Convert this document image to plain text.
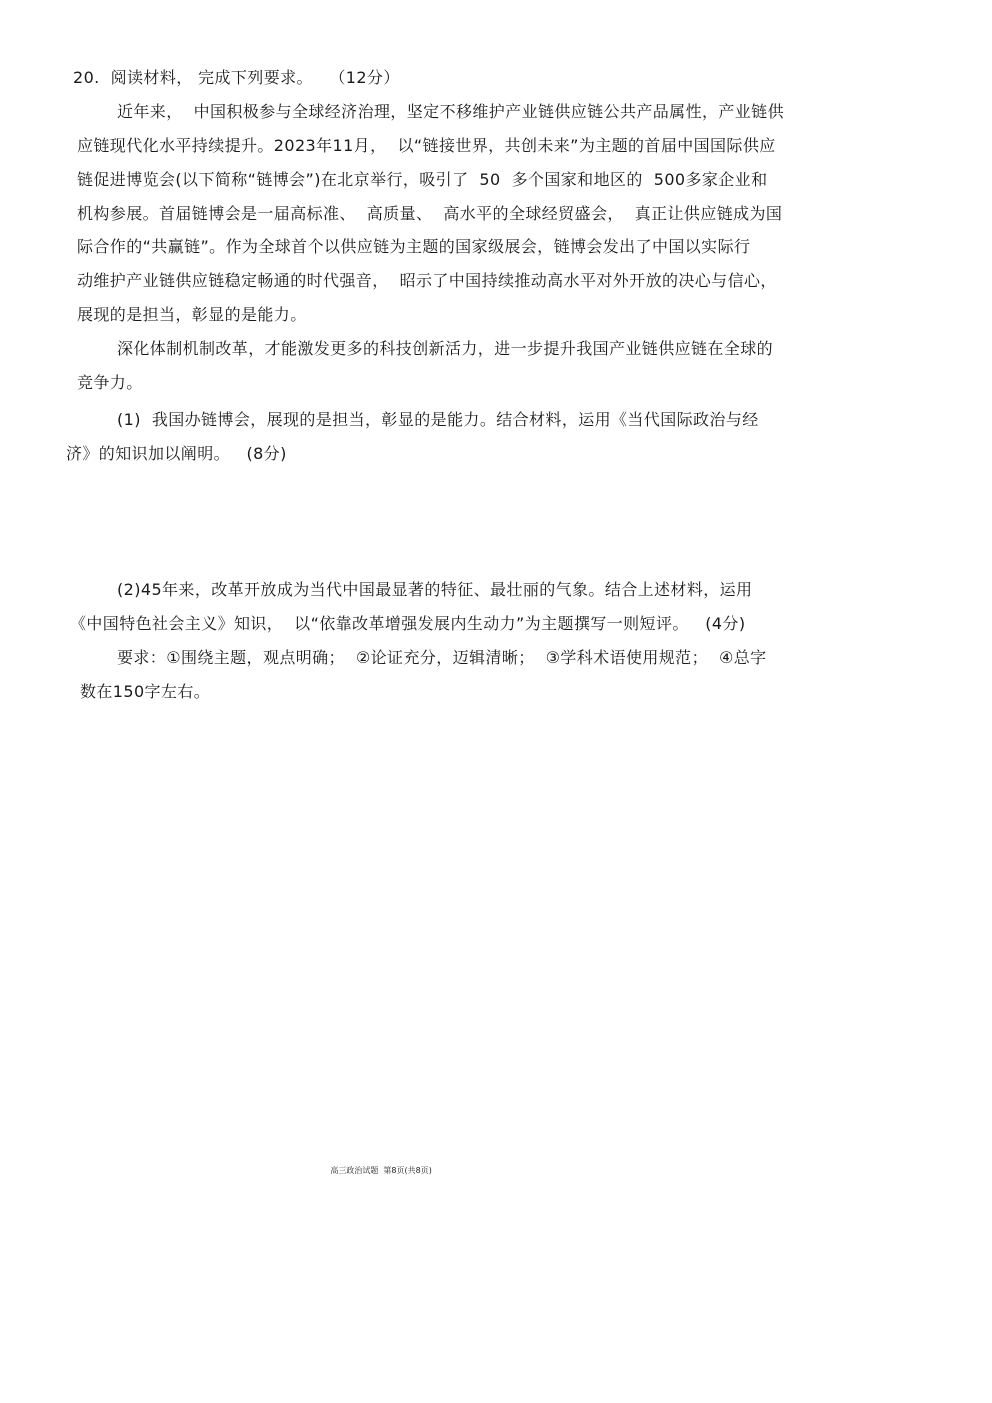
20.  阅读材料， 完成下列要求。   （12分）
近年来，  中国积极参与全球经济治理，坚定不移维护产业链供应链公共产品属性，产业链供
应链现代化水平持续提升。2023年11月，  以“链接世界，共创未来”为主题的首届中国国际供应
链促进博览会(以下简称“链博会”)在北京举行，吸引了  50  多个国家和地区的  500多家企业和
机构参展。首届链博会是一届高标准、  高质量、  高水平的全球经贸盛会，  真正让供应链成为国
际合作的“共赢链”。作为全球首个以供应链为主题的国家级展会，链博会发出了中国以实际行
动维护产业链供应链稳定畅通的时代强音，  昭示了中国持续推动高水平对外开放的决心与信心，
展现的是担当，彰显的是能力。
深化体制机制改革，才能激发更多的科技创新活力，进一步提升我国产业链供应链在全球的
竞争力。
(1)  我国办链博会，展现的是担当，彰显的是能力。结合材料，运用《当代国际政治与经
济》的知识加以阐明。   (8分)
(2)45年来，改革开放成为当代中国最显著的特征、最壮丽的气象。结合上述材料，运用
《中国特色社会主义》知识，  以“依靠改革增强发展内生动力”为主题撰写一则短评。   (4分)
要求：①围绕主题，观点明确；  ②论证充分，迈辑清晰；  ③学科术语使用规范；  ④总字
数在150字左右。

高三政治试题  第8页(共8页)
